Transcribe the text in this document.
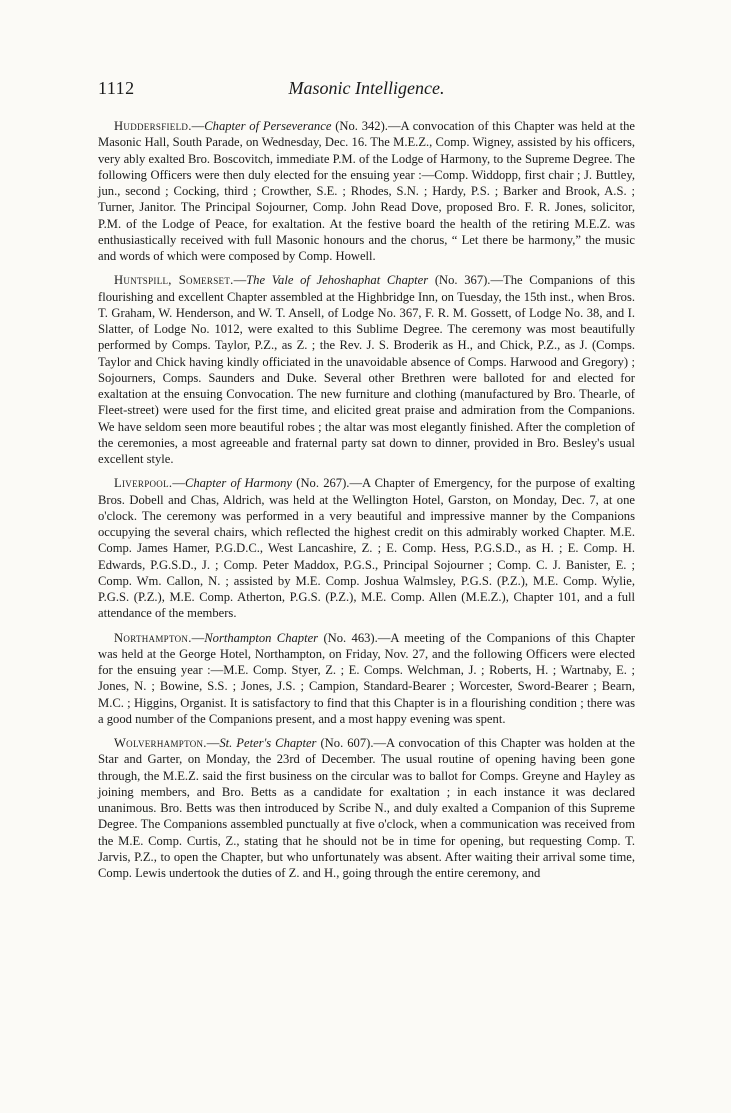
1112	Masonic Intelligence.

Huddersfield.—Chapter of Perseverance (No. 342).—A convocation of this Chapter was held at the Masonic Hall, South Parade, on Wednesday, Dec. 16. The M.E.Z., Comp. Wigney, assisted by his officers, very ably exalted Bro. Boscovitch, immediate P.M. of the Lodge of Harmony, to the Supreme Degree. The following Officers were then duly elected for the ensuing year :—Comp. Widdopp, first chair ; J. Buttley, jun., second ; Cocking, third ; Crowther, S.E. ; Rhodes, S.N. ; Hardy, P.S. ; Barker and Brook, A.S. ; Turner, Janitor. The Principal Sojourner, Comp. John Read Dove, proposed Bro. F. R. Jones, solicitor, P.M. of the Lodge of Peace, for exaltation. At the festive board the health of the retiring M.E.Z. was enthusiastically received with full Masonic honours and the chorus, “ Let there be harmony,” the music and words of which were composed by Comp. Howell.

Huntspill, Somerset.—The Vale of Jehoshaphat Chapter (No. 367).—The Companions of this flourishing and excellent Chapter assembled at the Highbridge Inn, on Tuesday, the 15th inst., when Bros. T. Graham, W. Henderson, and W. T. Ansell, of Lodge No. 367, F. R. M. Gossett, of Lodge No. 38, and I. Slatter, of Lodge No. 1012, were exalted to this Sublime Degree. The ceremony was most beautifully performed by Comps. Taylor, P.Z., as Z. ; the Rev. J. S. Broderik as H., and Chick, P.Z., as J. (Comps. Taylor and Chick having kindly officiated in the unavoidable absence of Comps. Harwood and Gregory) ; Sojourners, Comps. Saunders and Duke. Several other Brethren were balloted for and elected for exaltation at the ensuing Convocation. The new furniture and clothing (manufactured by Bro. Thearle, of Fleet-street) were used for the first time, and elicited great praise and admiration from the Companions. We have seldom seen more beautiful robes ; the altar was most elegantly finished. After the completion of the ceremonies, a most agreeable and fraternal party sat down to dinner, provided in Bro. Besley's usual excellent style.

Liverpool.—Chapter of Harmony (No. 267).—A Chapter of Emergency, for the purpose of exalting Bros. Dobell and Chas, Aldrich, was held at the Wellington Hotel, Garston, on Monday, Dec. 7, at one o'clock. The ceremony was performed in a very beautiful and impressive manner by the Companions occupying the several chairs, which reflected the highest credit on this admirably worked Chapter. M.E. Comp. James Hamer, P.G.D.C., West Lancashire, Z. ; E. Comp. Hess, P.G.S.D., as H. ; E. Comp. H. Edwards, P.G.S.D., J. ; Comp. Peter Maddox, P.G.S., Principal Sojourner ; Comp. C. J. Banister, E. ; Comp. Wm. Callon, N. ; assisted by M.E. Comp. Joshua Walmsley, P.G.S. (P.Z.), M.E. Comp. Wylie, P.G.S. (P.Z.), M.E. Comp. Atherton, P.G.S. (P.Z.), M.E. Comp. Allen (M.E.Z.), Chapter 101, and a full attendance of the members.

Northampton.—Northampton Chapter (No. 463).—A meeting of the Companions of this Chapter was held at the George Hotel, Northampton, on Friday, Nov. 27, and the following Officers were elected for the ensuing year :—M.E. Comp. Styer, Z. ; E. Comps. Welchman, J. ; Roberts, H. ; Wartnaby, E. ; Jones, N. ; Bowine, S.S. ; Jones, J.S. ; Campion, Standard-Bearer ; Worcester, Sword-Bearer ; Bearn, M.C. ; Higgins, Organist. It is satisfactory to find that this Chapter is in a flourishing condition ; there was a good number of the Companions present, and a most happy evening was spent.

Wolverhampton.—St. Peter's Chapter (No. 607).—A convocation of this Chapter was holden at the Star and Garter, on Monday, the 23rd of December. The usual routine of opening having been gone through, the M.E.Z. said the first business on the circular was to ballot for Comps. Greyne and Hayley as joining members, and Bro. Betts as a candidate for exaltation ; in each instance it was declared unanimous. Bro. Betts was then introduced by Scribe N., and duly exalted a Companion of this Supreme Degree. The Companions assembled punctually at five o'clock, when a communication was received from the M.E. Comp. Curtis, Z., stating that he should not be in time for opening, but requesting Comp. T. Jarvis, P.Z., to open the Chapter, but who unfortunately was absent. After waiting their arrival some time, Comp. Lewis undertook the duties of Z. and H., going through the entire ceremony, and
